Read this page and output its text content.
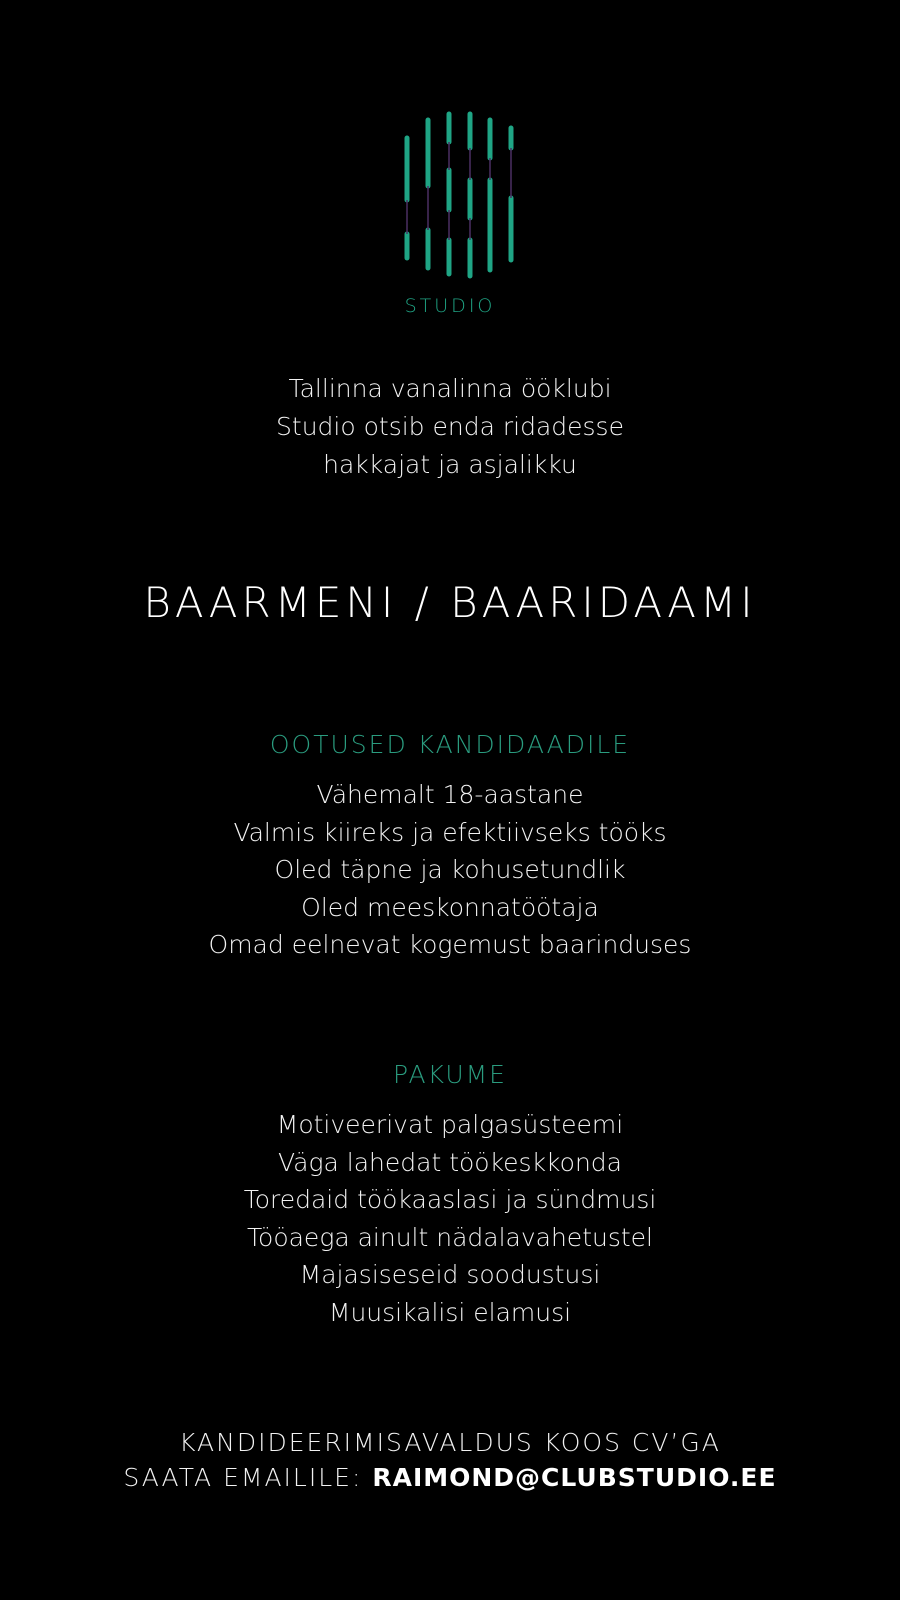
STUDIO
Tallinna vanalinna ööklubi
Studio otsib enda ridadesse
hakkajat ja asjalikku
BAARMENI / BAARIDAAMI
OOTUSED KANDIDAADILE
Vähemalt 18-aastane
Valmis kiireks ja efektiivseks tööks
Oled täpne ja kohusetundlik
Oled meeskonnatöötaja
Omad eelnevat kogemust baarinduses
PAKUME
Motiveerivat palgasüsteemi
Väga lahedat töökeskkonda
Toredaid töökaaslasi ja sündmusi
Tööaega ainult nädalavahetustel
Majasiseseid soodustusi
Muusikalisi elamusi
KANDIDEERIMISAVALDUS KOOS CV’GA
SAATA EMAILILE: RAIMOND@CLUBSTUDIO.EE
